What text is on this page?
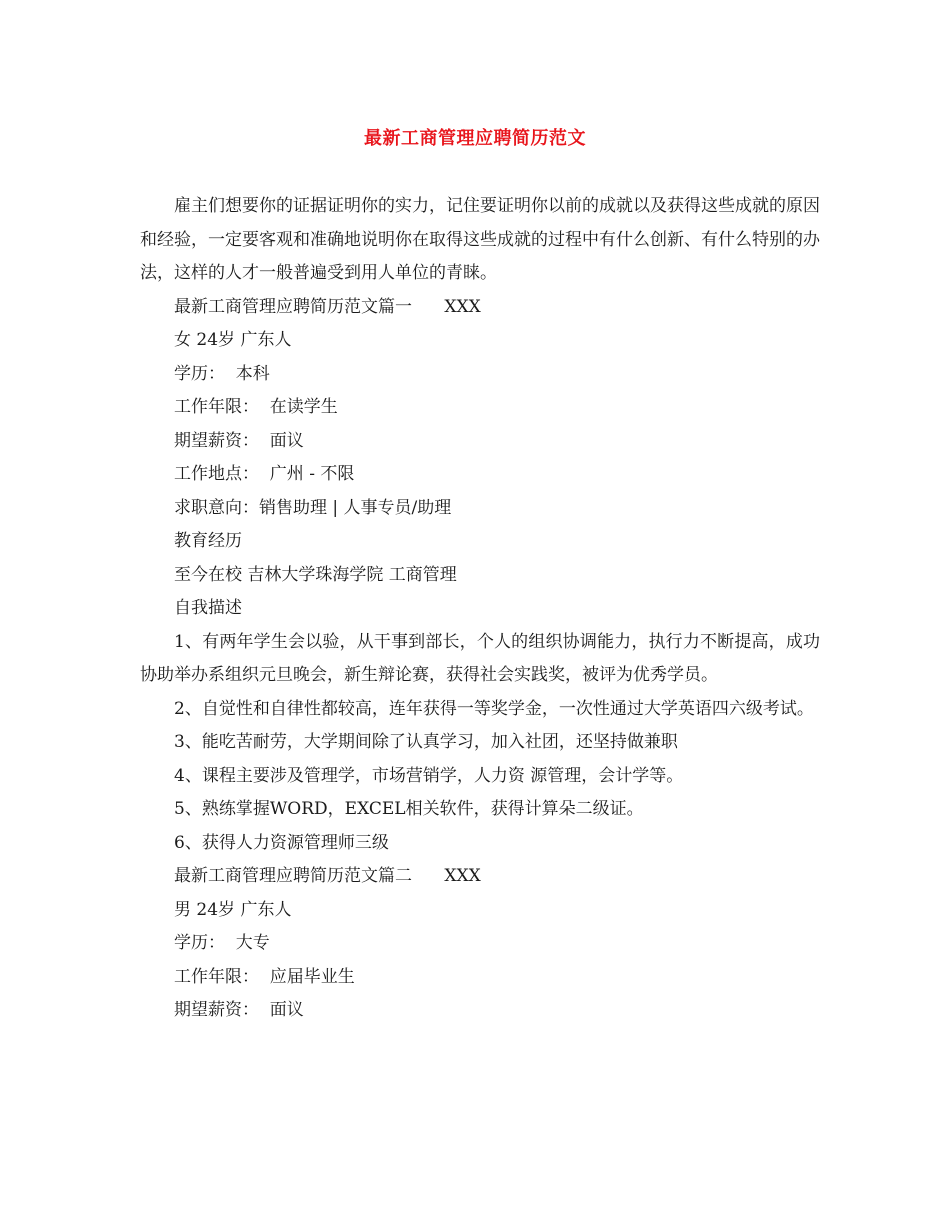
最新工商管理应聘简历范文

雇主们想要你的证据证明你的实力，记住要证明你以前的成就以及获得这些成就的原因和经验，一定要客观和准确地说明你在取得这些成就的过程中有什么创新、有什么特别的办法，这样的人才一般普遍受到用人单位的青睐。

最新工商管理应聘简历范文篇一      XXX

女 24岁 广东人

学历：  本科

工作年限：  在读学生

期望薪资：  面议

工作地点：  广州 - 不限

求职意向：销售助理 | 人事专员/助理

教育经历

至今在校 吉林大学珠海学院 工商管理

自我描述

1、有两年学生会以验，从干事到部长，个人的组织协调能力，执行力不断提高，成功协助举办系组织元旦晚会，新生辩论赛，获得社会实践奖，被评为优秀学员。

2、自觉性和自律性都较高，连年获得一等奖学金，一次性通过大学英语四六级考试。

3、能吃苦耐劳，大学期间除了认真学习，加入社团，还坚持做兼职

4、课程主要涉及管理学，市场营销学，人力资 源管理，会计学等。

5、熟练掌握WORD，EXCEL相关软件，获得计算朵二级证。

6、获得人力资源管理师三级

最新工商管理应聘简历范文篇二      XXX

男 24岁 广东人

学历：  大专

工作年限：  应届毕业生

期望薪资：  面议
